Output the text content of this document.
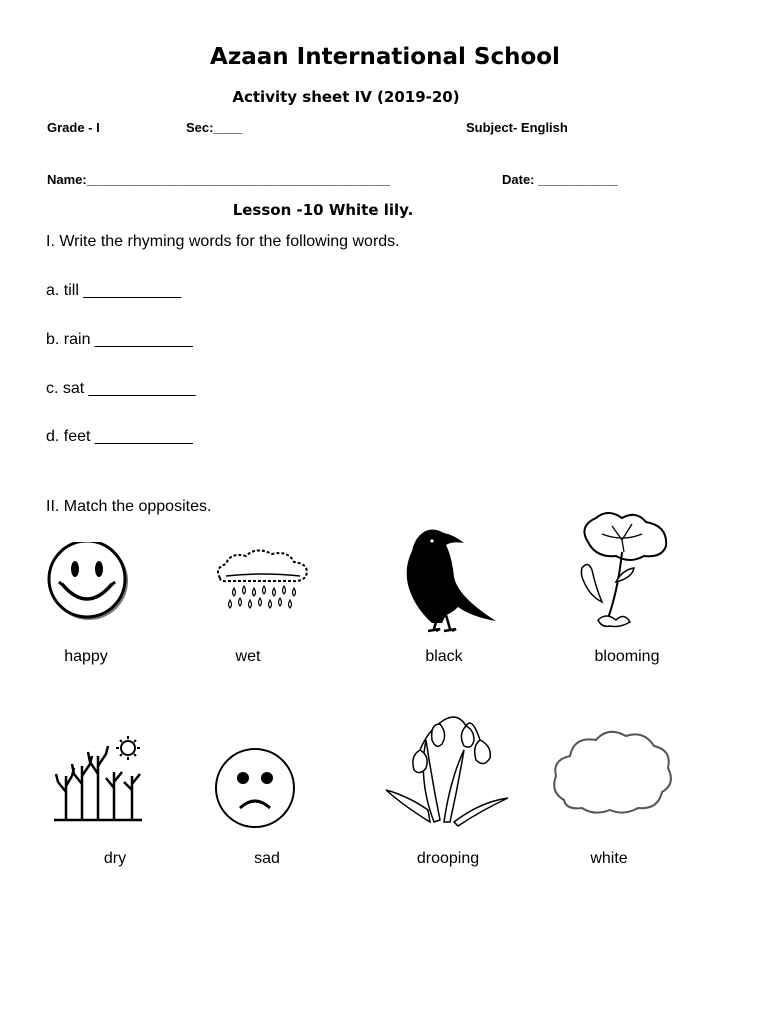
Azaan International School
Activity sheet IV (2019-20)
Grade - I	Sec:____	Subject- English
Name:__________________________________________	Date: ___________
Lesson -10 White lily.
I. Write the rhyming words for the following words.
a. till ___________
b. rain ___________
c. sat ____________
d. feet ___________
II. Match the opposites.
happy	wet	black	blooming
dry	sad	drooping	white
